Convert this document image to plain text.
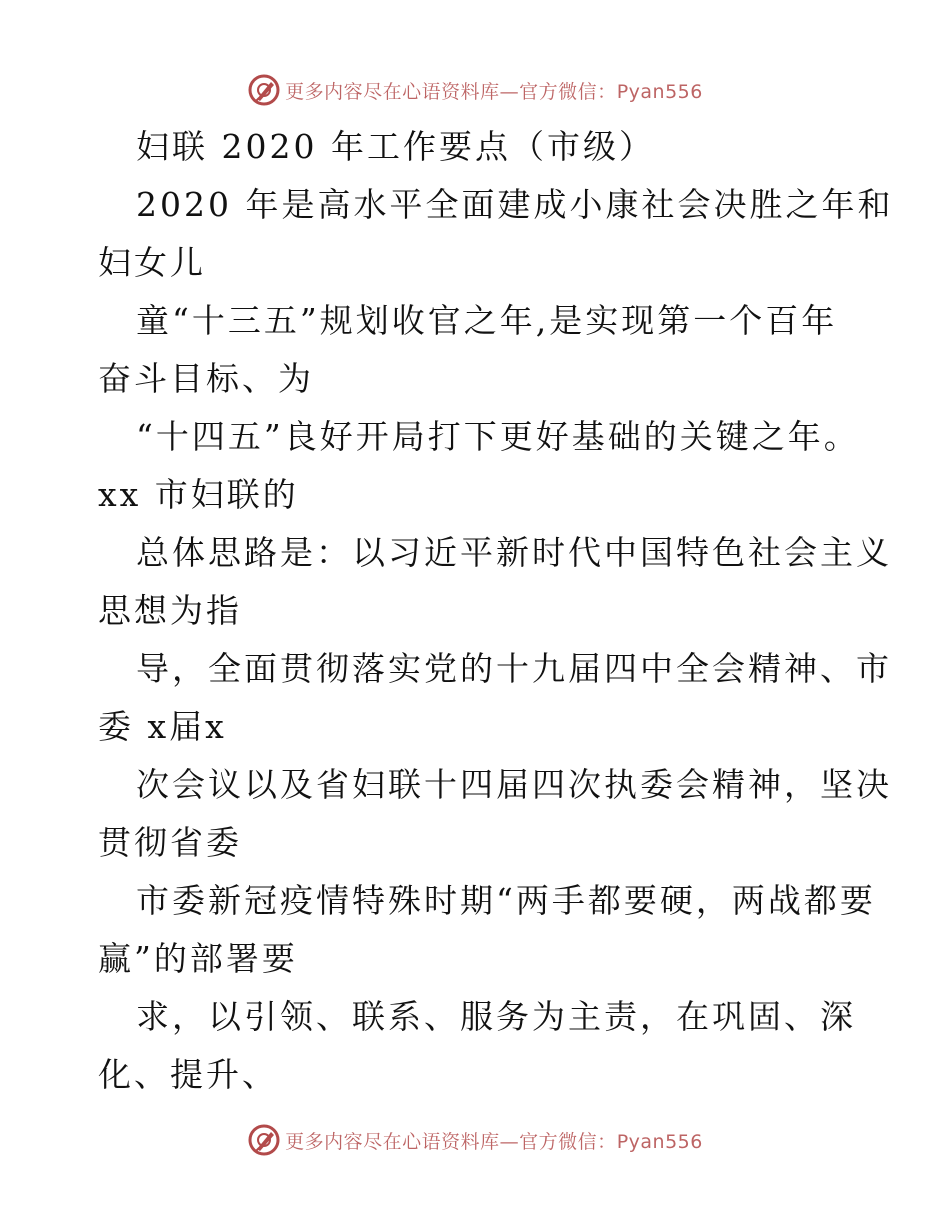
更多内容尽在心语资料库—官方微信：Pyan556
妇联 2020 年工作要点（市级）
2020 年是高水平全面建成小康社会决胜之年和
妇女儿
童“十三五”规划收官之年,是实现第一个百年
奋斗目标、为
“十四五”良好开局打下更好基础的关键之年。
xx 市妇联的
总体思路是：以习近平新时代中国特色社会主义
思想为指
导，全面贯彻落实党的十九届四中全会精神、市
委 x届x
次会议以及省妇联十四届四次执委会精神，坚决
贯彻省委
市委新冠疫情特殊时期“两手都要硬，两战都要
赢”的部署要
求，以引领、联系、服务为主责，在巩固、深
化、提升、
更多内容尽在心语资料库—官方微信：Pyan556
